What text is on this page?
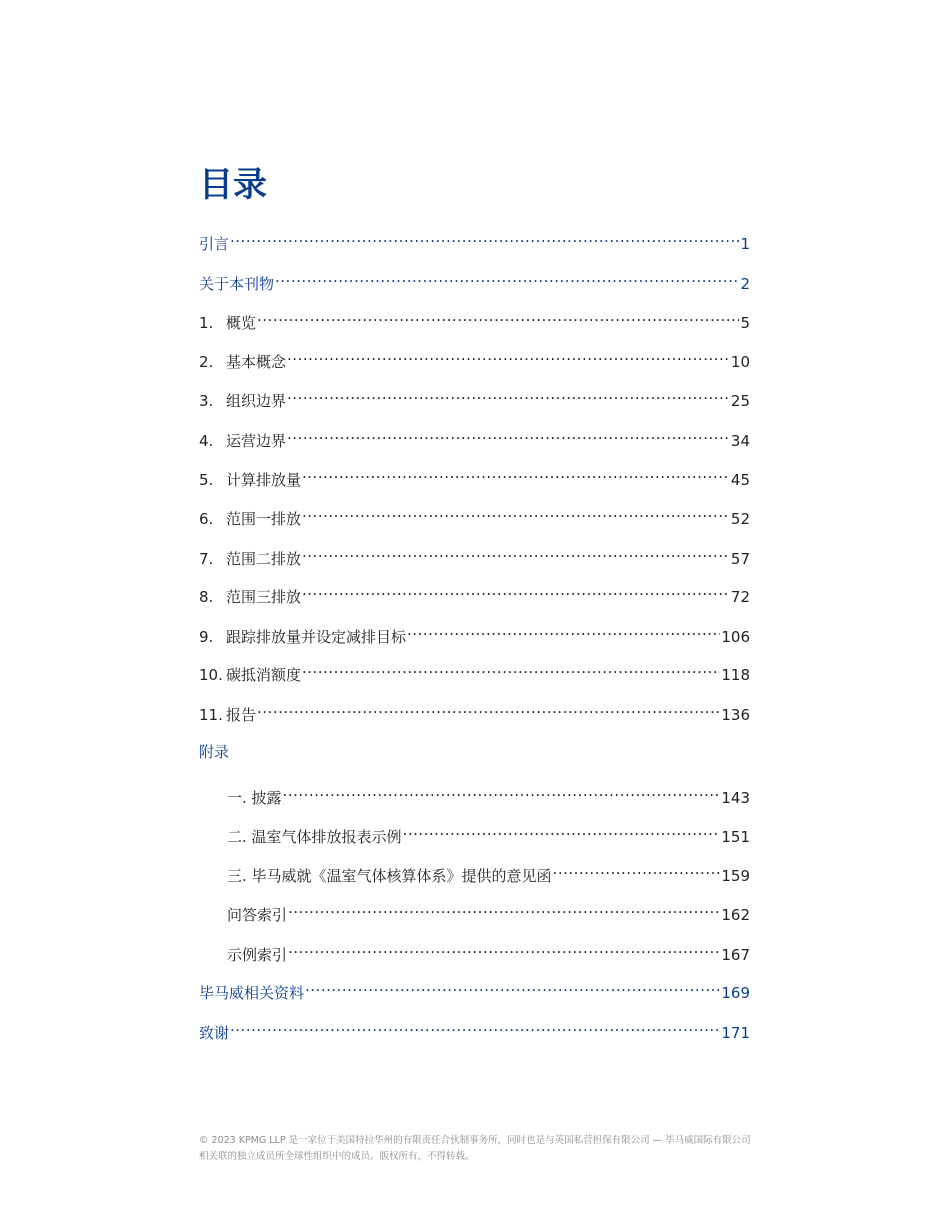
目录
引言 .....	1
关于本刊物 .....	2
1. 概览 .....	5
2. 基本概念 .....	10
3. 组织边界 .....	25
4. 运营边界 .....	34
5. 计算排放量 .....	45
6. 范围一排放 .....	52
7. 范围二排放 .....	57
8. 范围三排放 .....	72
9. 跟踪排放量并设定减排目标 .....	106
10. 碳抵消额度 .....	118
11. 报告 .....	136
一. 披露 .....	143
二. 温室气体排放报表示例 .....	151
三. 毕马威就《温室气体核算体系》提供的意见函 .....	159
问答索引 .....	162
示例索引 .....	167
毕马威相关资料 .....	169
致谢 .....	171
附录
© 2023 KPMG LLP 是一家位于美国特拉华州的有限责任合伙制事务所，同时也是与英国私营担保有限公司 — 毕马威国际有限公司相关联的独立成员所全球性组织中的成员。版权所有，不得转载。
